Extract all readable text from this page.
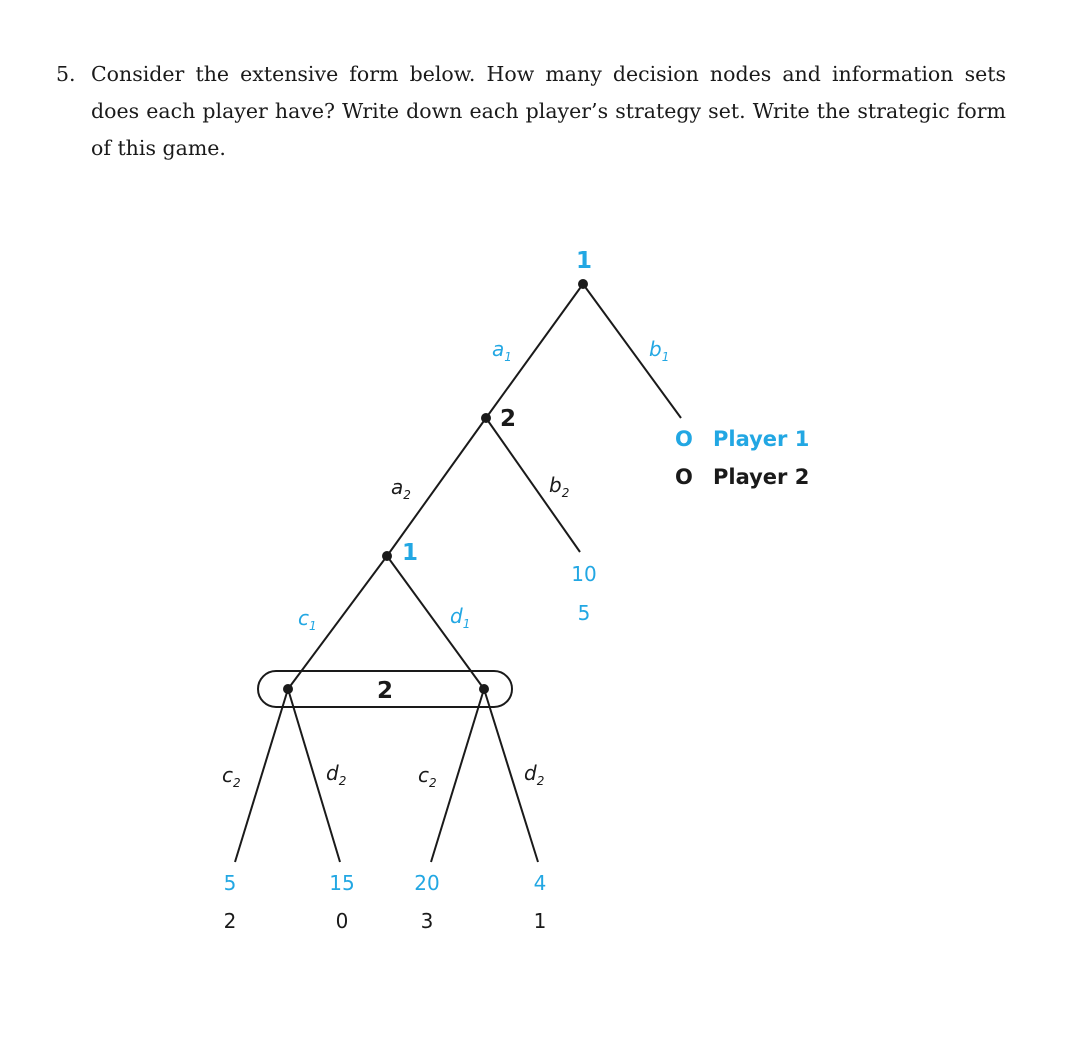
5. Consider the extensive form below. How many decision nodes and information sets does each player have? Write down each player’s strategy set. Write the strategic form of this game.
1
2
1
2
$a_1$	$b_1$
$a_2$	$b_2$
$c_1$	$d_1$
$c_2$	$d_2$	$c_2$	$d_2$
10
5
5
2
15
0
20
3
4
1
O Player 1
O Player 2
